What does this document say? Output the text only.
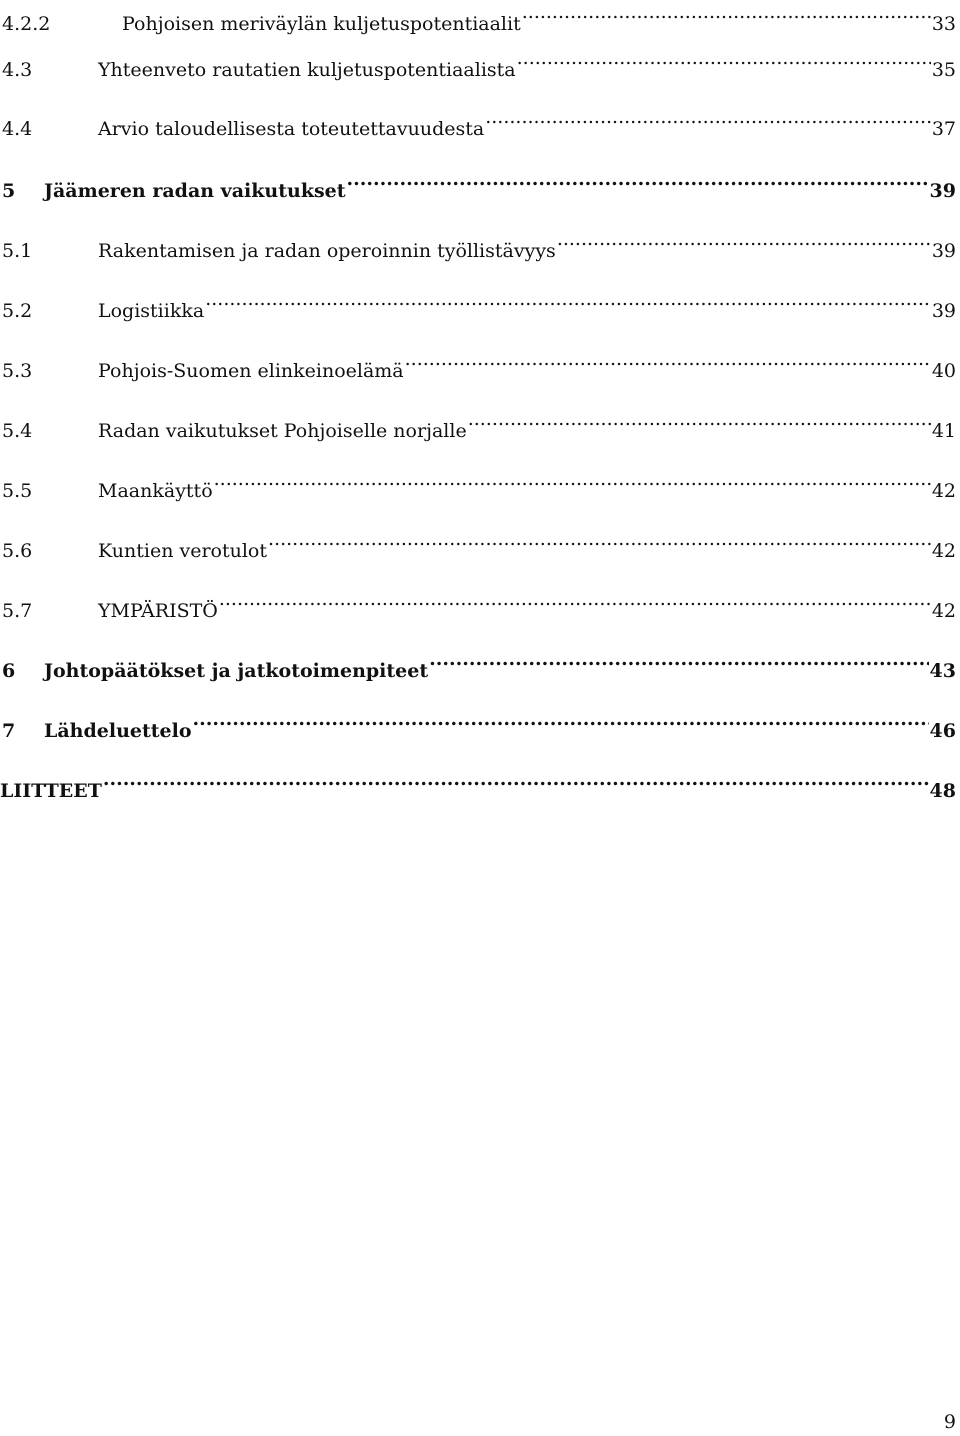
4.2.2	Pohjoisen meriväylän kuljetuspotentiaalit .....	33
4.3	Yhteenveto rautatien kuljetuspotentiaalista .....	35
4.4	Arvio taloudellisesta toteutettavuudesta .....	37
5	Jäämeren radan vaikutukset .....	39
5.1	Rakentamisen ja radan operoinnin työllistävyys .....	39
5.2	Logistiikka .....	39
5.3	Pohjois-Suomen elinkeinoelämä .....	40
5.4	Radan vaikutukset Pohjoiselle norjalle .....	41
5.5	Maankäyttö .....	42
5.6	Kuntien verotulot .....	42
5.7	YMPÄRISTÖ .....	42
6	Johtopäätökset ja jatkotoimenpiteet .....	43
7	Lähdeluettelo .....	46
LIITTEET .....	48
9
